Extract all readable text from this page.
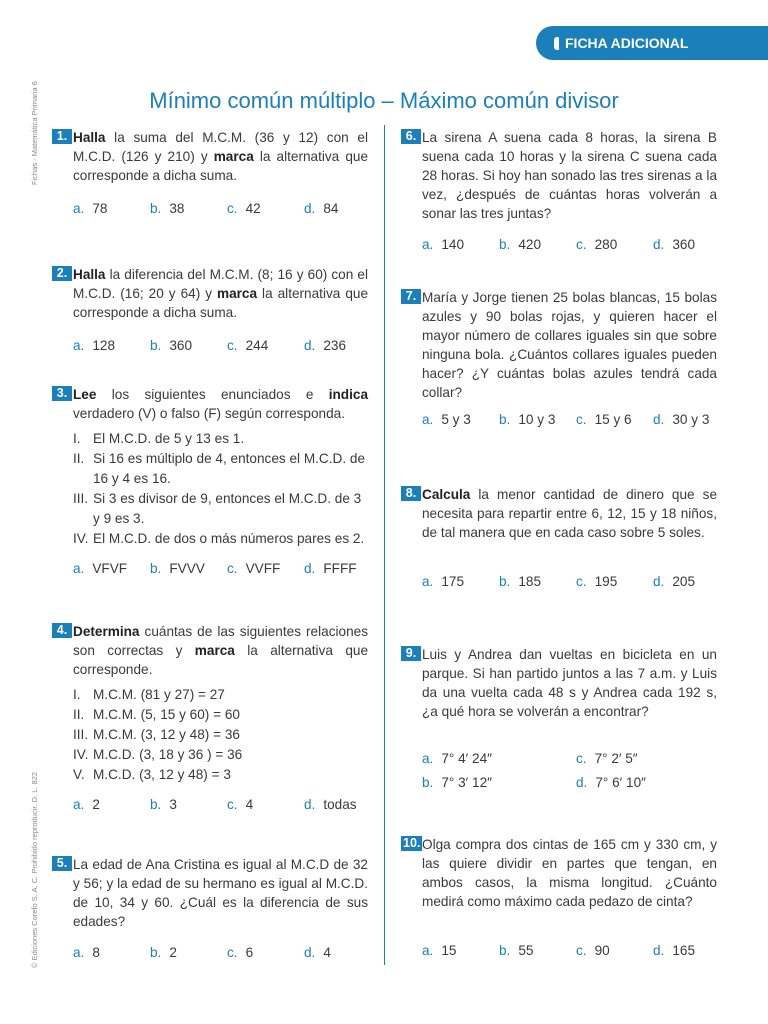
FICHA ADICIONAL
Fichas - Matemática Primaria 6
© Ediciones Corefo S. A. C. Prohibido reproducir. D. L. 822
Mínimo común múltiplo – Máximo común divisor
1. Halla la suma del M.C.M. (36 y 12) con el M.C.D. (126 y 210) y marca la alternativa que corresponde a dicha suma.
a. 78	b. 38	c. 42	d. 84
2. Halla la diferencia del M.C.M. (8; 16 y 60) con el M.C.D. (16; 20 y 64) y marca la alternativa que corresponde a dicha suma.
a. 128	b. 360	c. 244	d. 236
3. Lee los siguientes enunciados e indica verdadero (V) o falso (F) según corresponda.
I. El M.C.D. de 5 y 13 es 1.
II. Si 16 es múltiplo de 4, entonces el M.C.D. de 16 y 4 es 16.
III. Si 3 es divisor de 9, entonces el M.C.D. de 3 y 9 es 3.
IV. El M.C.D. de dos o más números pares es 2.
a. VFVF b. FVVV c. VVFF d. FFFF
4. Determina cuántas de las siguientes relaciones son correctas y marca la alternativa que corresponde.
I. M.C.M. (81 y 27) = 27
II. M.C.M. (5, 15 y 60) = 60
III. M.C.M. (3, 12 y 48) = 36
IV. M.C.D. (3, 18 y 36 ) = 36
V. M.C.D. (3, 12 y 48) = 3
a. 2	b. 3	c. 4	d. todas
5. La edad de Ana Cristina es igual al M.C.D de 32 y 56; y la edad de su hermano es igual al M.C.D. de 10, 34 y 60. ¿Cuál es la diferencia de sus edades?
a. 8	b. 2	c. 6	d. 4
6. La sirena A suena cada 8 horas, la sirena B suena cada 10 horas y la sirena C suena cada 28 horas. Si hoy han sonado las tres sirenas a la vez, ¿después de cuántas horas volverán a sonar las tres juntas?
a. 140	b. 420	c. 280	d. 360
7. María y Jorge tienen 25 bolas blancas, 15 bolas azules y 90 bolas rojas, y quieren hacer el mayor número de collares iguales sin que sobre ninguna bola. ¿Cuántos collares iguales pueden hacer? ¿Y cuántas bolas azules tendrá cada collar?
a. 5 y 3 b. 10 y 3 c. 15 y 6 d. 30 y 3
8. Calcula la menor cantidad de dinero que se necesita para repartir entre 6, 12, 15 y 18 niños, de tal manera que en cada caso sobre 5 soles.
a. 175	b. 185	c. 195	d. 205
9. Luis y Andrea dan vueltas en bicicleta en un parque. Si han partido juntos a las 7 a.m. y Luis da una vuelta cada 48 s y Andrea cada 192 s, ¿a qué hora se volverán a encontrar?
a. 7° 4′ 24″	c. 7° 2′ 5″
b. 7° 3′ 12″	d. 7° 6′ 10″
10. Olga compra dos cintas de 165 cm y 330 cm, y las quiere dividir en partes que tengan, en ambos casos, la misma longitud. ¿Cuánto medirá como máximo cada pedazo de cinta?
a. 15	b. 55	c. 90	d. 165
